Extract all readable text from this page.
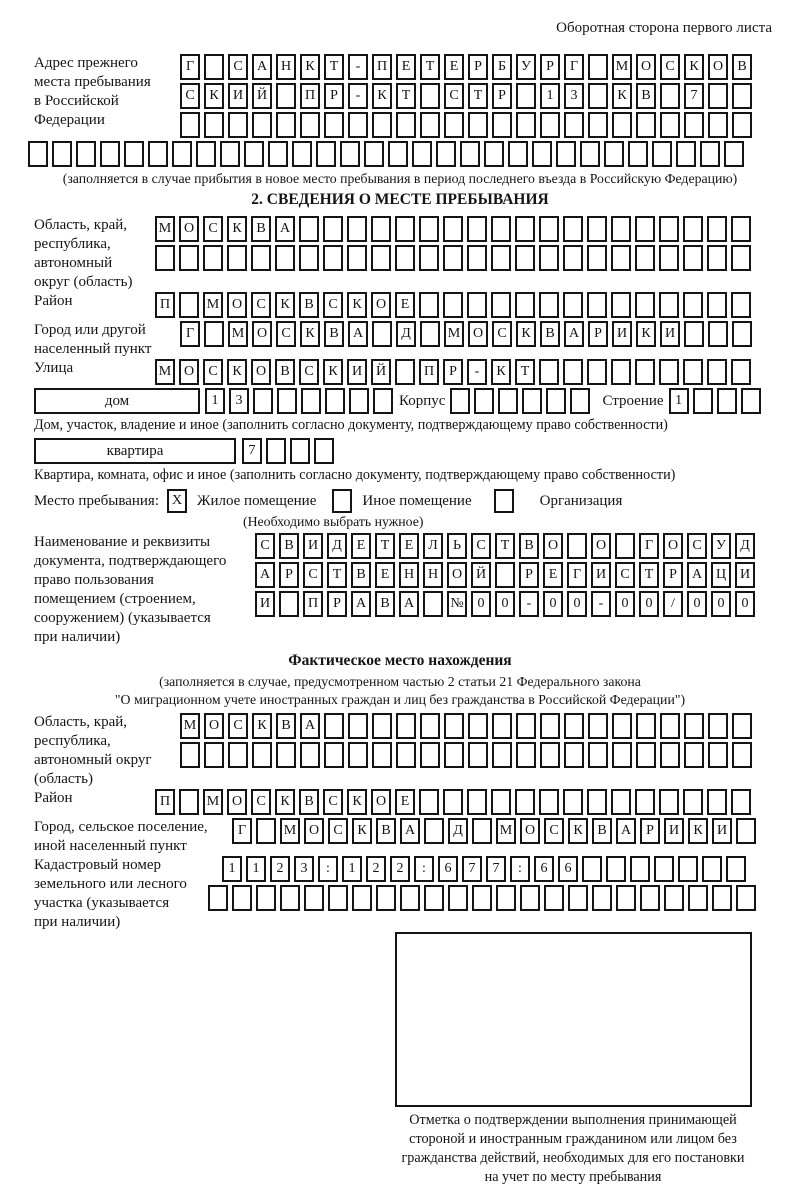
Оборотная сторона первого листа
Адрес прежнего
места пребывания
в Российской
Федерации
Г	С А Н К Т - П Е Т Е Р Б У Р Г	М О С К О В
С К И Й	П Р - К Т	С Т Р	1 3	К В	7
(заполняется в случае прибытия в новое место пребывания в период последнего въезда в Российскую Федерацию)
2. СВЕДЕНИЯ О МЕСТЕ ПРЕБЫВАНИЯ
Область, край,
республика,
автономный
округ (область)
М О С К В А
Район	П	М О С К В С К О Е
Город или другой
населенный пункт
Г	М О С К В А	Д	М О С К В А Р И К И
Улица	М О С К О В С К И Й	П Р - К Т
дом	1 3	Корпус	Строение 1
Дом, участок, владение и иное (заполнить согласно документу, подтверждающему право собственности)
квартира	7
Квартира, комната, офис и иное (заполнить согласно документу, подтверждающему право собственности)
Место пребывания: X Жилое помещение	Иное помещение	Организация
(Необходимо выбрать нужное)
Наименование и реквизиты
документа, подтверждающего
право пользования
помещением (строением,
сооружением) (указывается
при наличии)
С В И Д Е Т Е Л Ь С Т В О	О	Г О С У Д
А Р С Т В Е Н Н О Й	Р Е Г И С Т Р А Ц И
И	П Р А В А	№ 0 0 - 0 0 - 0 0 / 0 0 0
Фактическое место нахождения
(заполняется в случае, предусмотренном частью 2 статьи 21 Федерального закона
"О миграционном учете иностранных граждан и лиц без гражданства в Российской Федерации")
Область, край,
республика,
автономный округ
(область)
М О С К В А
Район	П	М О С К В С К О Е
Город, сельское поселение,
иной населенный пункт
Г	М О С К В А	Д	М О С К В А Р И К И
Кадастровый номер
земельного или лесного
участка (указывается
при наличии)
1 1 2 3 : 1 2 2 : 6 7 7 : 6 6
Отметка о подтверждении выполнения принимающей
стороной и иностранным гражданином или лицом без
гражданства действий, необходимых для его постановки
на учет по месту пребывания
